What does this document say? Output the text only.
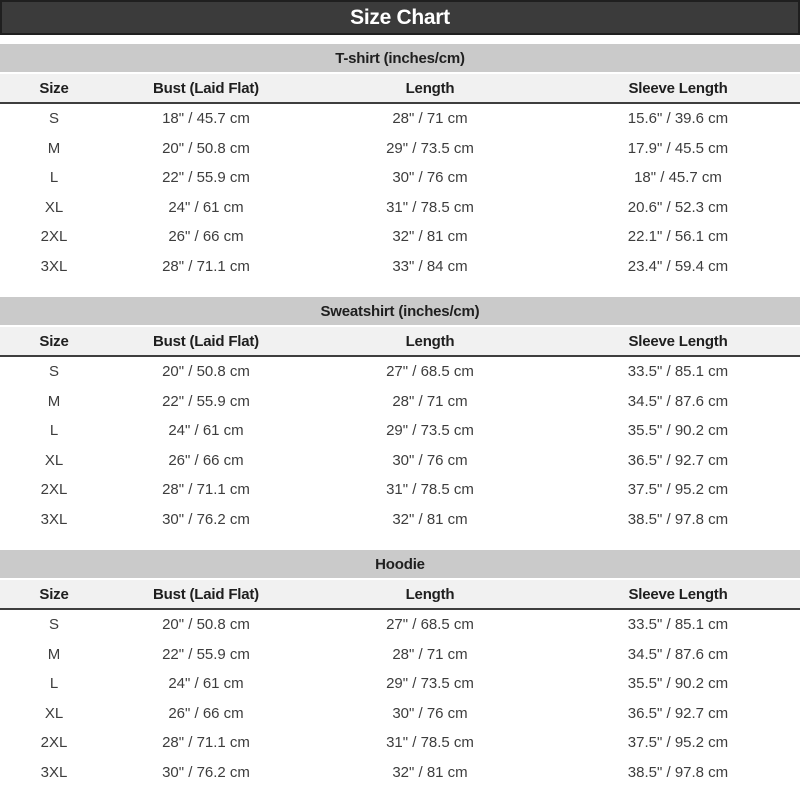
Size Chart
T-shirt (inches/cm)
Size	Bust (Laid Flat)	Length	Sleeve Length
S	18" / 45.7 cm	28" / 71 cm	15.6" / 39.6 cm
M	20" / 50.8 cm	29" / 73.5 cm	17.9" / 45.5 cm
L	22" / 55.9 cm	30" / 76 cm	18" / 45.7 cm
XL	24" / 61 cm	31" / 78.5 cm	20.6" / 52.3 cm
2XL	26" / 66 cm	32" / 81 cm	22.1" / 56.1 cm
3XL	28" / 71.1 cm	33" / 84 cm	23.4" / 59.4 cm
Sweatshirt (inches/cm)
Size	Bust (Laid Flat)	Length	Sleeve Length
S	20" / 50.8 cm	27" / 68.5 cm	33.5" / 85.1 cm
M	22" / 55.9 cm	28" / 71 cm	34.5" / 87.6 cm
L	24" / 61 cm	29" / 73.5 cm	35.5" / 90.2 cm
XL	26" / 66 cm	30" / 76 cm	36.5" / 92.7 cm
2XL	28" / 71.1 cm	31" / 78.5 cm	37.5" / 95.2 cm
3XL	30" / 76.2 cm	32" / 81 cm	38.5" / 97.8 cm
Hoodie
Size	Bust (Laid Flat)	Length	Sleeve Length
S	20" / 50.8 cm	27" / 68.5 cm	33.5" / 85.1 cm
M	22" / 55.9 cm	28" / 71 cm	34.5" / 87.6 cm
L	24" / 61 cm	29" / 73.5 cm	35.5" / 90.2 cm
XL	26" / 66 cm	30" / 76 cm	36.5" / 92.7 cm
2XL	28" / 71.1 cm	31" / 78.5 cm	37.5" / 95.2 cm
3XL	30" / 76.2 cm	32" / 81 cm	38.5" / 97.8 cm
